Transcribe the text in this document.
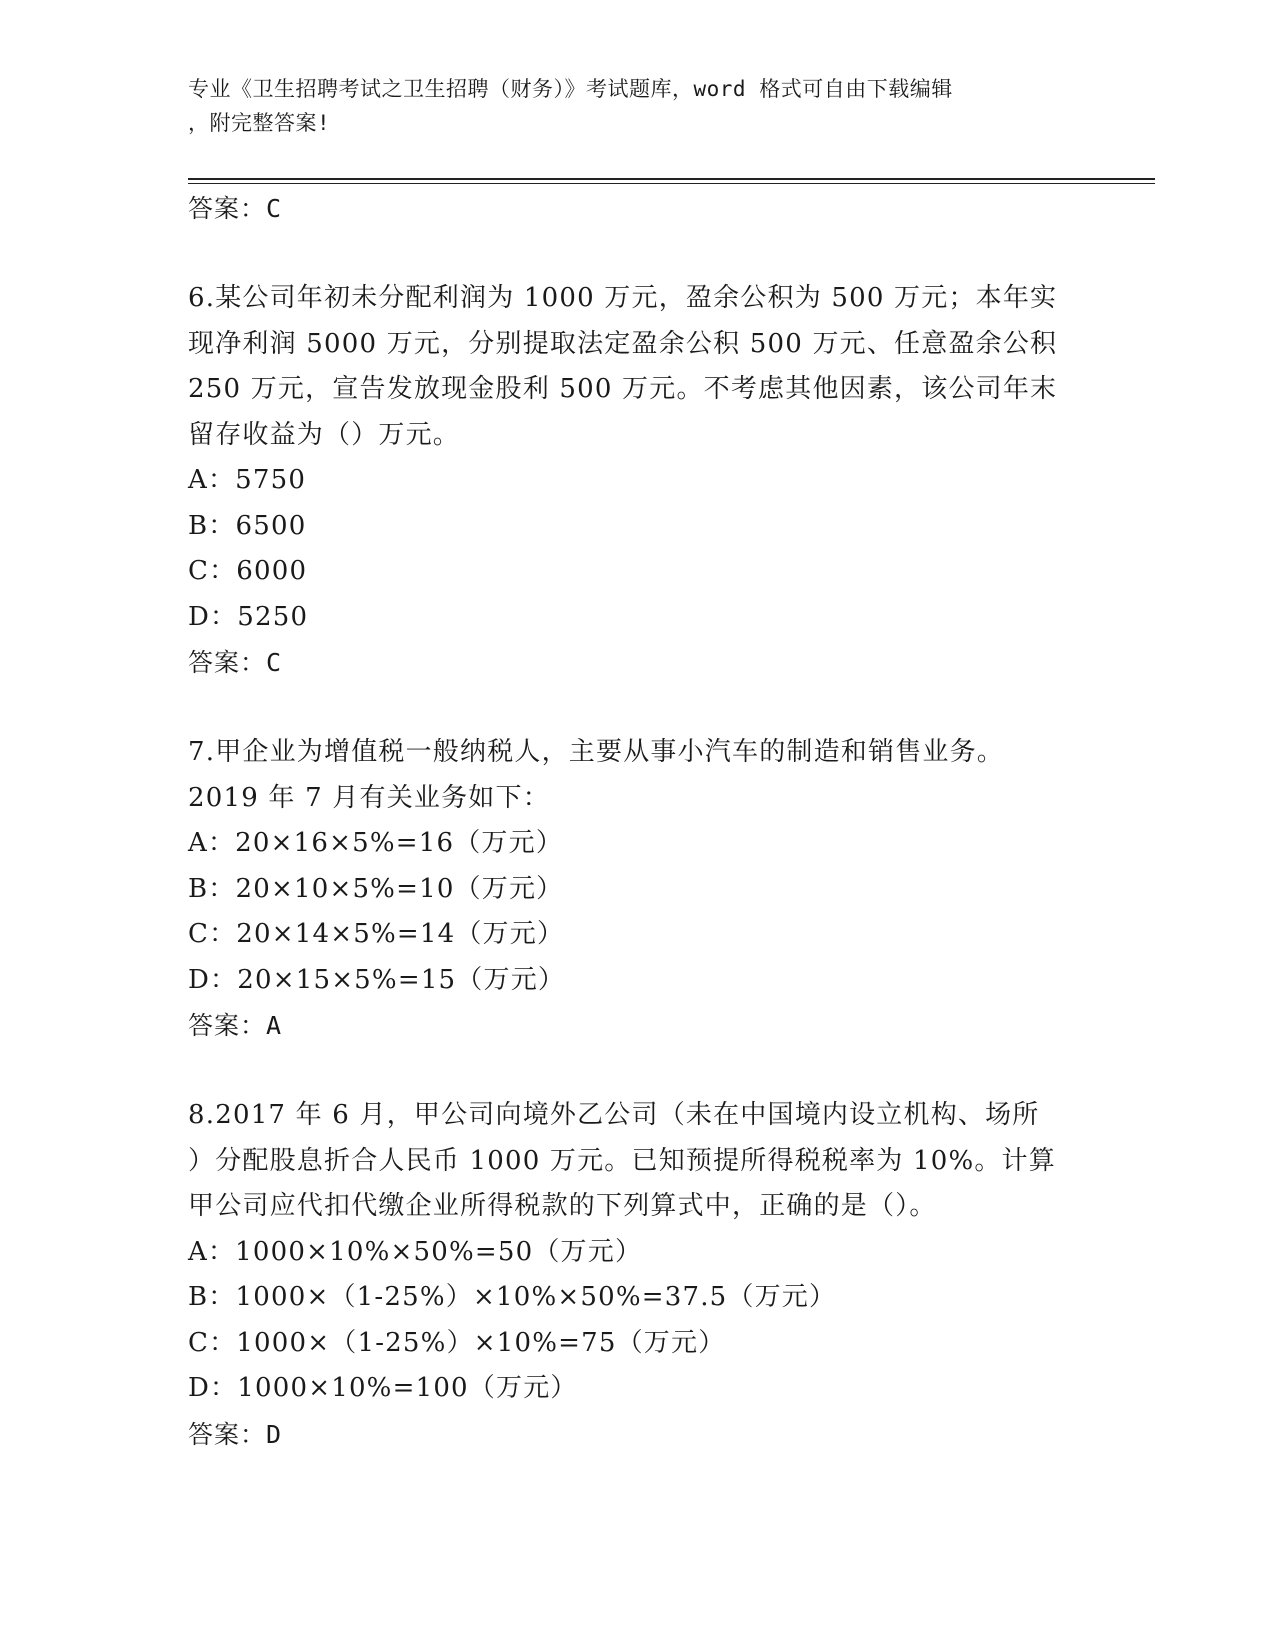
专业《卫生招聘考试之卫生招聘（财务）》考试题库，word 格式可自由下载编辑
，附完整答案!
答案：C
6.某公司年初未分配利润为 1000 万元，盈余公积为 500 万元；本年实
现净利润 5000 万元，分别提取法定盈余公积 500 万元、任意盈余公积
250 万元，宣告发放现金股利 500 万元。不考虑其他因素，该公司年末
留存收益为（）万元。
A：5750
B：6500
C：6000
D：5250
答案：C
7.甲企业为增值税一般纳税人，主要从事小汽车的制造和销售业务。
2019 年 7 月有关业务如下：
A：20×16×5%=16（万元）
B：20×10×5%=10（万元）
C：20×14×5%=14（万元）
D：20×15×5%=15（万元）
答案：A
8.2017 年 6 月，甲公司向境外乙公司（未在中国境内设立机构、场所
）分配股息折合人民币 1000 万元。已知预提所得税税率为 10%。计算
甲公司应代扣代缴企业所得税款的下列算式中，正确的是（）。
A：1000×10%×50%=50（万元）
B：1000×（1-25%）×10%×50%=37.5（万元）
C：1000×（1-25%）×10%=75（万元）
D：1000×10%=100（万元）
答案：D
